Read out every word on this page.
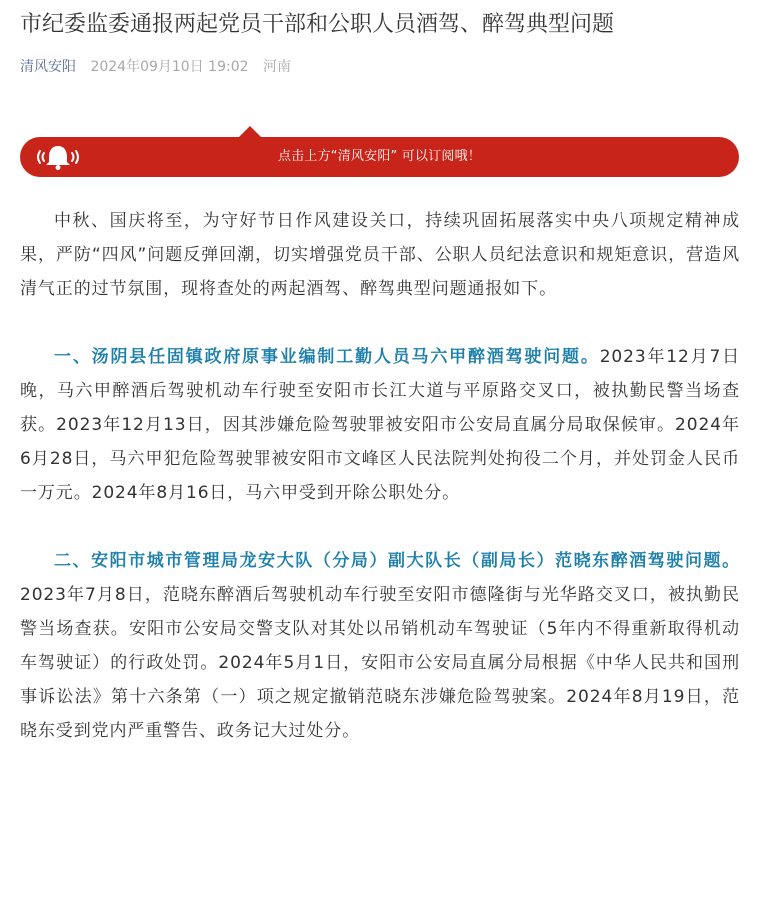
市纪委监委通报两起党员干部和公职人员酒驾、醉驾典型问题
清风安阳 2024年09月10日 19:02 河南
点击上方“清风安阳” 可以订阅哦！

中秋、国庆将至，为守好节日作风建设关口，持续巩固拓展落实中央八项规定精神成果，严防“四风”问题反弹回潮，切实增强党员干部、公职人员纪法意识和规矩意识，营造风清气正的过节氛围，现将查处的两起酒驾、醉驾典型问题通报如下。

一、汤阴县任固镇政府原事业编制工勤人员马六甲醉酒驾驶问题。2023年12月7日晚，马六甲醉酒后驾驶机动车行驶至安阳市长江大道与平原路交叉口，被执勤民警当场查获。2023年12月13日，因其涉嫌危险驾驶罪被安阳市公安局直属分局取保候审。2024年6月28日，马六甲犯危险驾驶罪被安阳市文峰区人民法院判处拘役二个月，并处罚金人民币一万元。2024年8月16日，马六甲受到开除公职处分。

二、安阳市城市管理局龙安大队（分局）副大队长（副局长）范晓东醉酒驾驶问题。2023年7月8日，范晓东醉酒后驾驶机动车行驶至安阳市德隆街与光华路交叉口，被执勤民警当场查获。安阳市公安局交警支队对其处以吊销机动车驾驶证（5年内不得重新取得机动车驾驶证）的行政处罚。2024年5月1日，安阳市公安局直属分局根据《中华人民共和国刑事诉讼法》第十六条第（一）项之规定撤销范晓东涉嫌危险驾驶案。2024年8月19日，范晓东受到党内严重警告、政务记大过处分。
